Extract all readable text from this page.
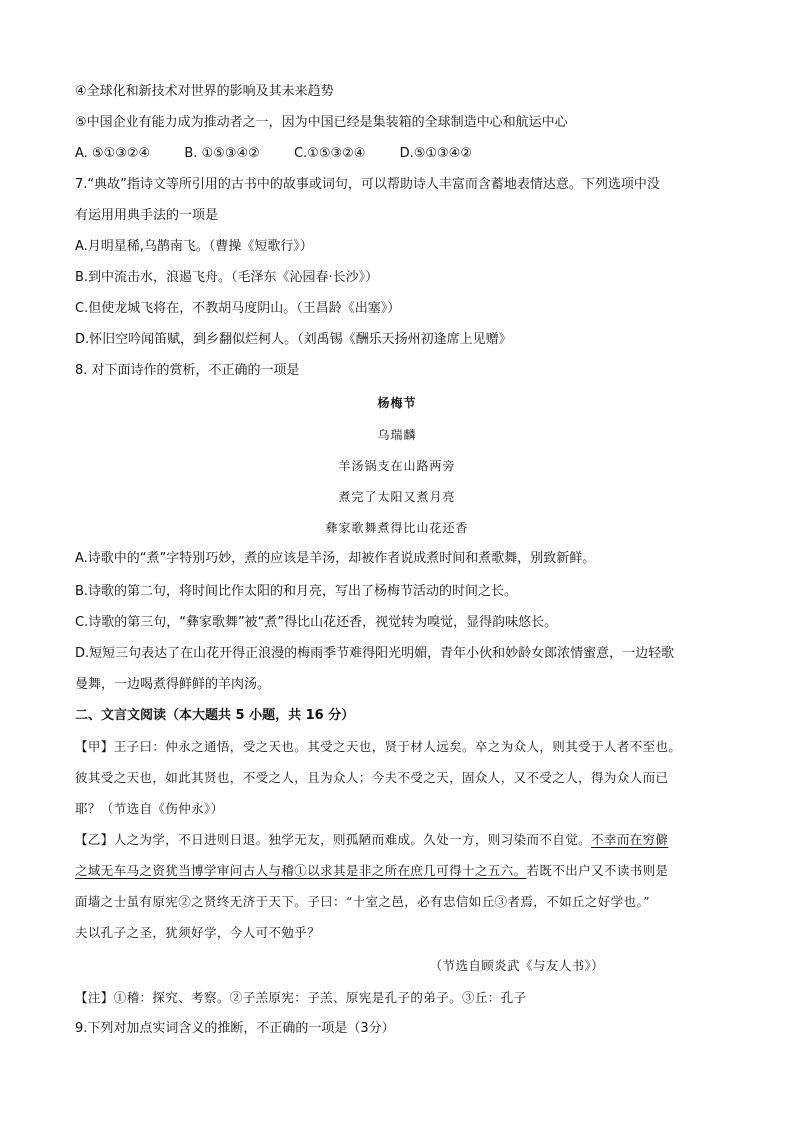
④全球化和新技术对世界的影响及其未来趋势
⑤中国企业有能力成为推动者之一，因为中国已经是集装箱的全球制造中心和航运中心
A. ⑤①③②④	B. ①⑤③④②	C.①⑤③②④	D.⑤①③④②
7.“典故”指诗文等所引用的古书中的故事或词句，可以帮助诗人丰富而含蓄地表情达意。下列选项中没
有运用用典手法的一项是
A.月明星稀,乌鹊南飞。（曹操《短歌行》）
B.到中流击水，浪遏飞舟。（毛泽东《沁园春·长沙》）
C.但使龙城飞将在，不教胡马度阴山。（王昌龄《出塞》）
D.怀旧空吟闻笛赋，到乡翻似烂柯人。（刘禹锡《酬乐天扬州初逢席上见赠》
8. 对下面诗作的赏析，不正确的一项是
杨梅节
乌瑞麟
羊汤锅支在山路两旁
煮完了太阳又煮月亮
彝家歌舞煮得比山花还香
A.诗歌中的“煮”字特别巧妙，煮的应该是羊汤，却被作者说成煮时间和煮歌舞，别致新鲜。
B.诗歌的第二句，将时间比作太阳的和月亮，写出了杨梅节活动的时间之长。
C.诗歌的第三句，“彝家歌舞”被“煮”得比山花还香，视觉转为嗅觉，显得韵味悠长。
D.短短三句表达了在山花开得正浪漫的梅雨季节难得阳光明媚，青年小伙和妙龄女郎浓情蜜意，一边轻歌
曼舞，一边喝煮得鲜鲜的羊肉汤。
二、文言文阅读（本大题共 5 小题，共 16 分）
【甲】王子曰：仲永之通悟，受之天也。其受之天也，贤于材人远矣。卒之为众人，则其受于人者不至也。
彼其受之天也，如此其贤也，不受之人，且为众人；今夫不受之天，固众人，又不受之人，得为众人而已
耶？（节选自《伤仲永》）
【乙】人之为学，不日进则日退。独学无友，则孤陋而难成。久处一方，则习染而不自觉。不幸而在穷僻
之域无车马之资犹当博学审问古人与稽①以求其是非之所在庶几可得十之五六。若既不出户又不读书则是
面墙之士虽有原宪②之贤终无济于天下。子曰：“十室之邑，必有忠信如丘③者焉，不如丘之好学也。”
夫以孔子之圣，犹须好学，今人可不勉乎？
（节选自顾炎武《与友人书》）
【注】①稽：探究、考察。②子羔原宪：子羔、原宪是孔子的弟子。③丘：孔子
9.下列对加点实词含义的推断，不正确的一项是（3分）
